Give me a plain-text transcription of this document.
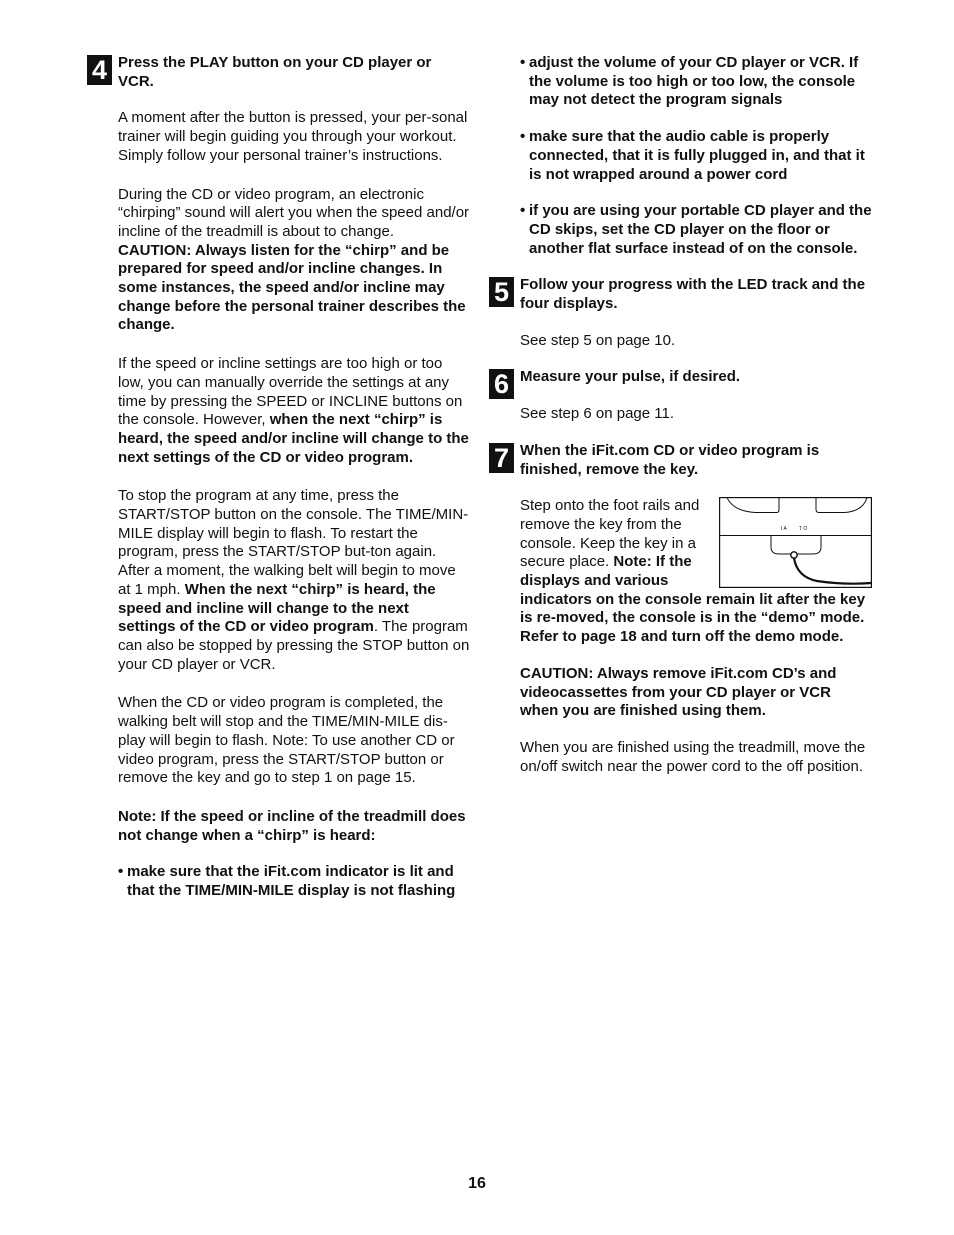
4 Press the PLAY button on your CD player or VCR.

A moment after the button is pressed, your per-sonal trainer will begin guiding you through your workout. Simply follow your personal trainer’s instructions.

During the CD or video program, an electronic “chirping” sound will alert you when the speed and/or incline of the treadmill is about to change. CAUTION: Always listen for the “chirp” and be prepared for speed and/or incline changes. In some instances, the speed and/or incline may change before the personal trainer describes the change.

If the speed or incline settings are too high or too low, you can manually override the settings at any time by pressing the SPEED or INCLINE buttons on the console. However, when the next “chirp” is heard, the speed and/or incline will change to the next settings of the CD or video program.

To stop the program at any time, press the START/STOP button on the console. The TIME/MIN-MILE display will begin to flash. To restart the program, press the START/STOP but-ton again. After a moment, the walking belt will begin to move at 1 mph. When the next “chirp” is heard, the speed and incline will change to the next settings of the CD or video program. The program can also be stopped by pressing the STOP button on your CD player or VCR.

When the CD or video program is completed, the walking belt will stop and the TIME/MIN-MILE dis-play will begin to flash. Note: To use another CD or video program, press the START/STOP button or remove the key and go to step 1 on page 15.

Note: If the speed or incline of the treadmill does not change when a “chirp” is heard:

• make sure that the iFit.com indicator is lit and that the TIME/MIN-MILE display is not flashing
• adjust the volume of your CD player or VCR. If the volume is too high or too low, the console may not detect the program signals
• make sure that the audio cable is properly connected, that it is fully plugged in, and that it is not wrapped around a power cord
• if you are using your portable CD player and the CD skips, set the CD player on the floor or another flat surface instead of on the console.
5 Follow your progress with the LED track and the four displays.

See step 5 on page 10.

6 Measure your pulse, if desired.

See step 6 on page 11.

7 When the iFit.com CD or video program is finished, remove the key.

I A T O
Step onto the foot rails and remove the key from the console. Keep the key in a secure place. Note: If the displays and various indicators on the console remain lit after the key is re-moved, the console is in the “demo” mode. Refer to page 18 and turn off the demo mode.

CAUTION: Always remove iFit.com CD’s and videocassettes from your CD player or VCR when you are finished using them.

When you are finished using the treadmill, move the on/off switch near the power cord to the off position.

16
